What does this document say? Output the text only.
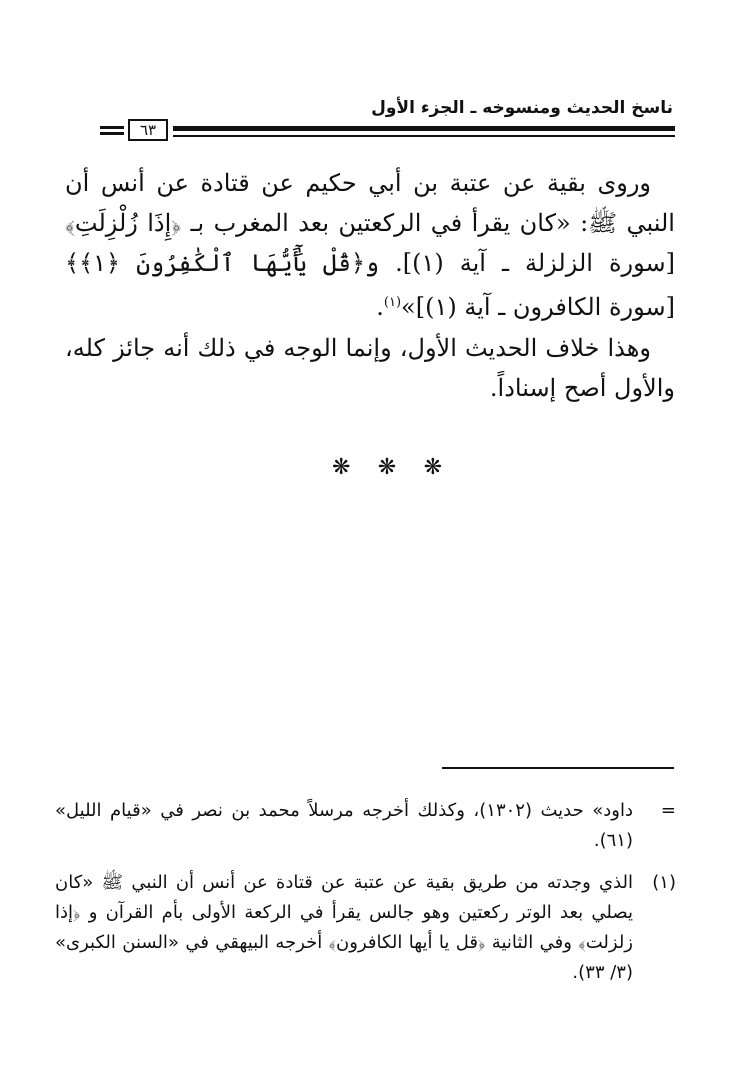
ناسخ الحديث ومنسوخه ـ الجزء الأول
٦٣

وروى بقية عن عتبة بن أبي حكيم عن قتادة عن أنس أن النبي ﷺ: «كان يقرأ في الركعتين بعد المغرب بـ ﴿إِذَا زُلْزِلَتِ﴾ [سورة الزلزلة ـ آية (١)]. و﴿قُلْ يَٰٓأَيُّهَا ٱلْكَٰفِرُونَ ﴿١﴾﴾ [سورة الكافرون ـ آية (١)]»$^{(١)}$.

وهذا خلاف الحديث الأول، وإنما الوجه في ذلك أنه جائز كله، والأول أصح إسناداً.

❋ ❋ ❋
=
داود» حديث (١٣٠٢)، وكذلك أخرجه مرسلاً محمد بن نصر في «قيام الليل» (٦١).
(١)
الذي وجدته من طريق بقية عن عتبة عن قتادة عن أنس أن النبي ﷺ «كان يصلي بعد الوتر ركعتين وهو جالس يقرأ في الركعة الأولى بأم القرآن و ﴿إذا زلزلت﴾ وفي الثانية ﴿قل يا أيها الكافرون﴾ أخرجه البيهقي في «السنن الكبرى» (٣/ ٣٣).
